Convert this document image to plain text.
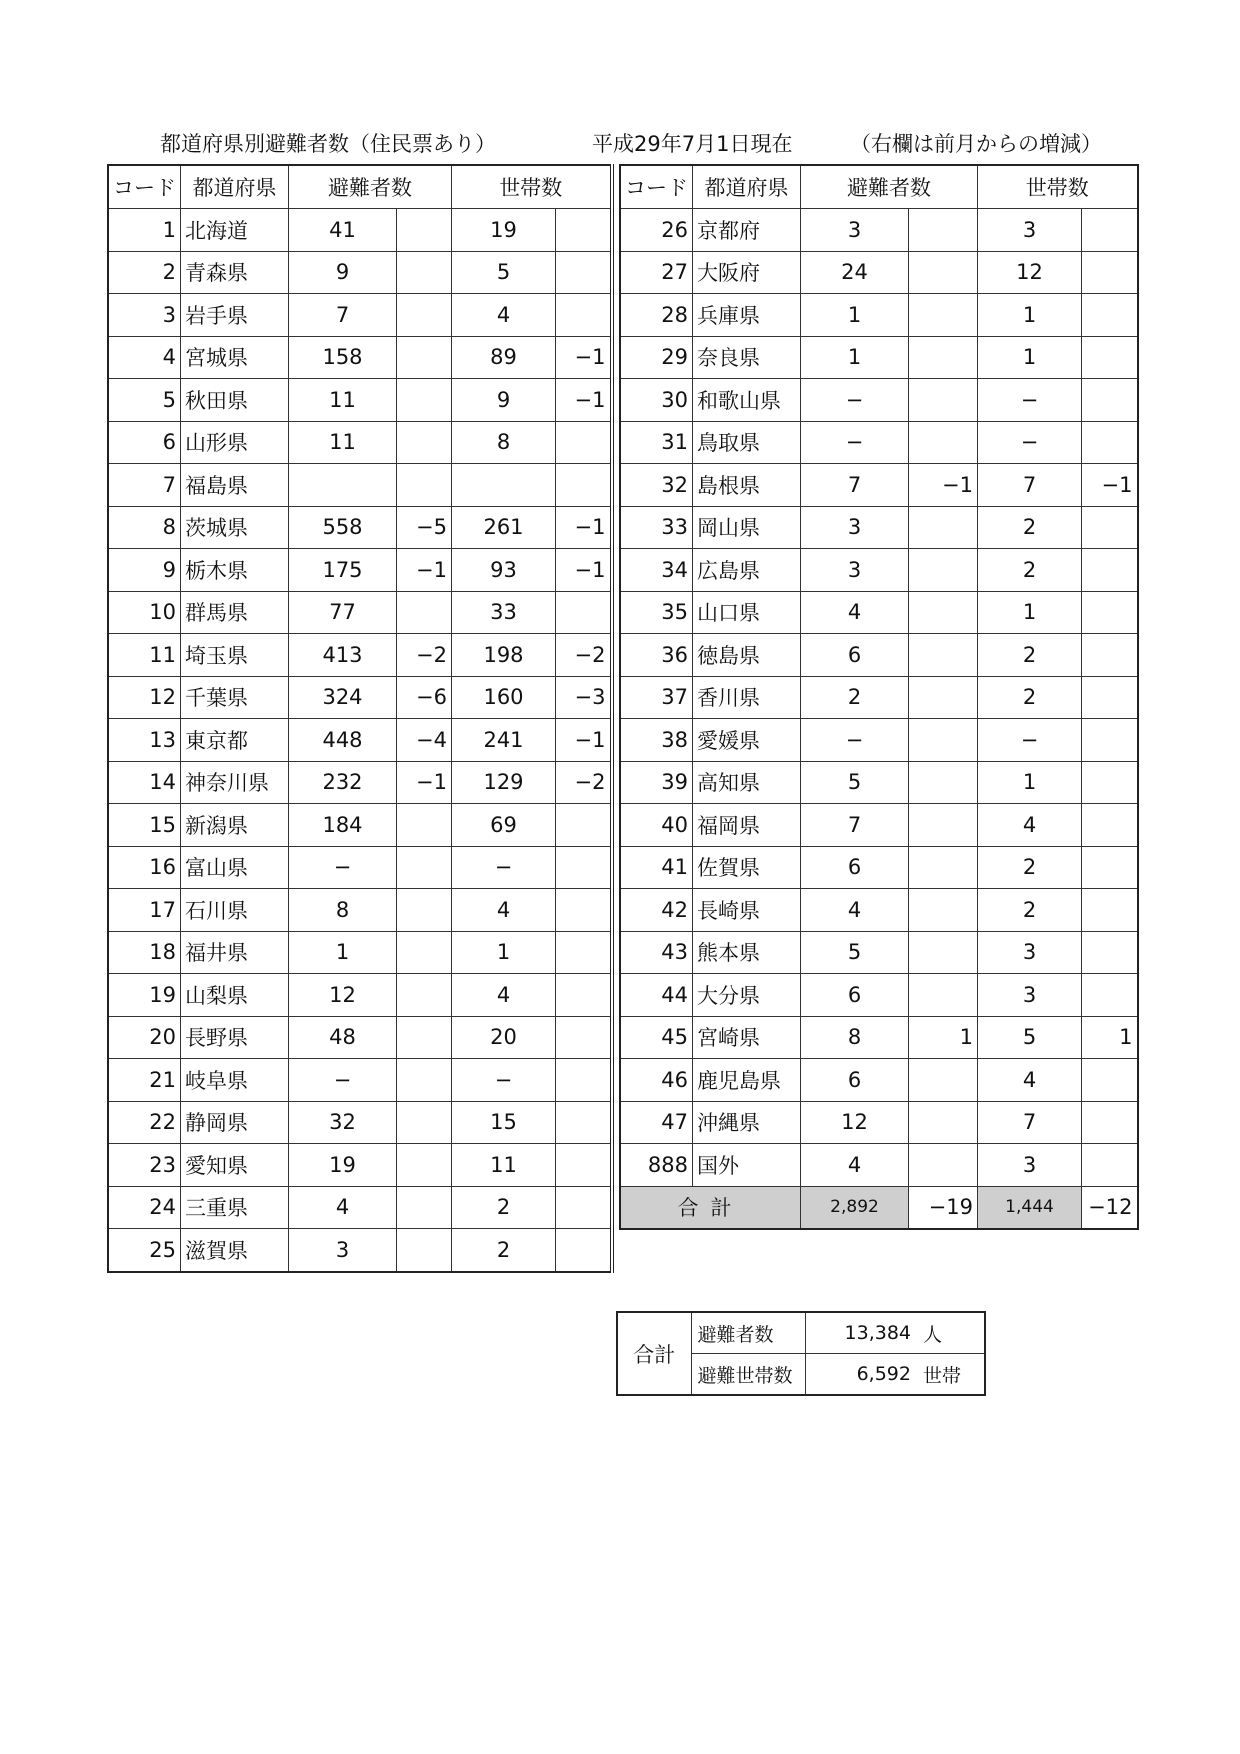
都道府県別避難者数（住民票あり）	平成29年7月1日現在	（右欄は前月からの増減）
コード	都道府県	避難者数		世帯数	
1	北海道	41		19	
2	青森県	9		5	
3	岩手県	7		4	
4	宮城県	158		89	−1
5	秋田県	11		9	−1
6	山形県	11		8	
7	福島県				
8	茨城県	558	−5	261	−1
9	栃木県	175	−1	93	−1
10	群馬県	77		33	
11	埼玉県	413	−2	198	−2
12	千葉県	324	−6	160	−3
13	東京都	448	−4	241	−1
14	神奈川県	232	−1	129	−2
15	新潟県	184		69	
16	富山県	−		−	
17	石川県	8		4	
18	福井県	1		1	
19	山梨県	12		4	
20	長野県	48		20	
21	岐阜県	−		−	
22	静岡県	32		15	
23	愛知県	19		11	
24	三重県	4		2	
25	滋賀県	3		2	
コード	都道府県	避難者数		世帯数	
26	京都府	3		3	
27	大阪府	24		12	
28	兵庫県	1		1	
29	奈良県	1		1	
30	和歌山県	−		−	
31	鳥取県	−		−	
32	島根県	7	−1	7	−1
33	岡山県	3		2	
34	広島県	3		2	
35	山口県	4		1	
36	徳島県	6		2	
37	香川県	2		2	
38	愛媛県	−		−	
39	高知県	5		1	
40	福岡県	7		4	
41	佐賀県	6		2	
42	長崎県	4		2	
43	熊本県	5		3	
44	大分県	6		3	
45	宮崎県	8	1	5	1
46	鹿児島県	6		4	
47	沖縄県	12		7	
888	国外	4		3	
合計		2,892	−19	1,444	−12
合計	避難者数	13,384	人
	避難世帯数	6,592	世帯
